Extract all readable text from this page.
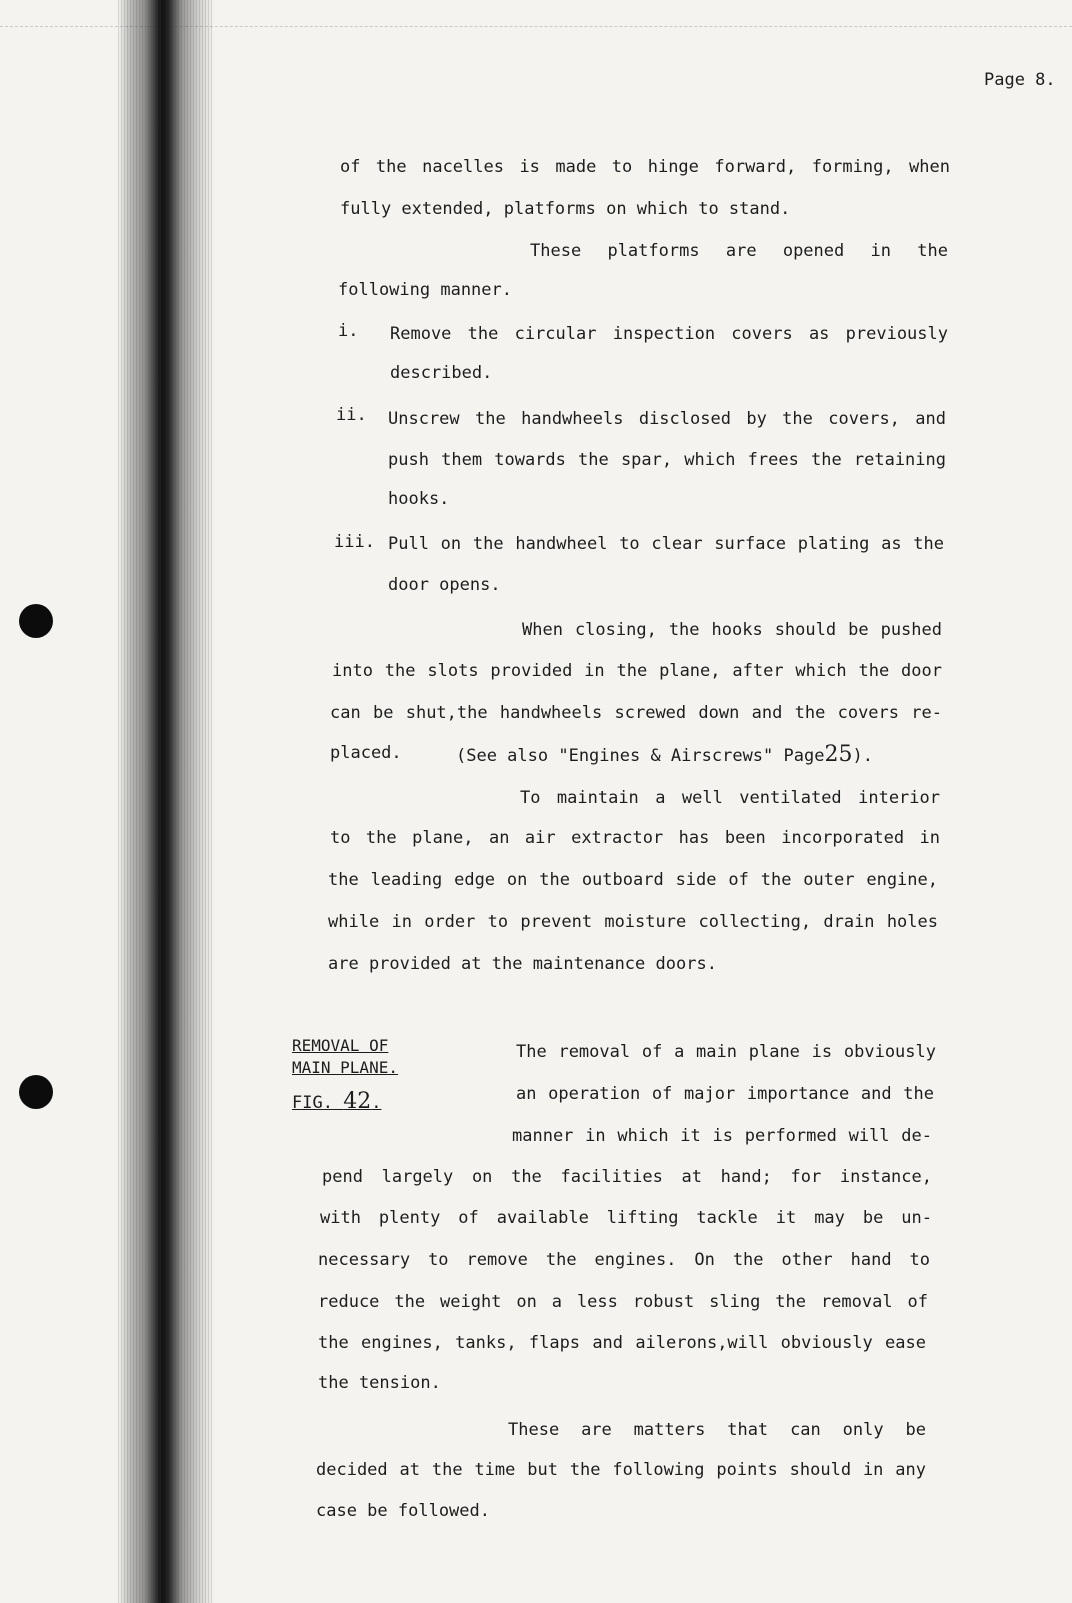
Page 8.
of the nacelles is made to hinge forward, forming, when
fully extended, platforms on which to stand.
These platforms are opened in the
following manner.
i. Remove the circular inspection covers as previously
described.
ii. Unscrew the handwheels disclosed by the covers, and
push them towards the spar, which frees the retaining
hooks.
iii. Pull on the handwheel to clear surface plating as the
door opens.
When closing, the hooks should be pushed
into the slots provided in the plane, after which the door
can be shut,the handwheels screwed down and the covers re-
placed.	(See also "Engines & Airscrews" Page25).
To maintain a well ventilated interior
to the plane, an air extractor has been incorporated in
the leading edge on the outboard side of the outer engine,
while in order to prevent moisture collecting, drain holes
are provided at the maintenance doors.
REMOVAL OF
MAIN PLANE.
FIG. 42.
The removal of a main plane is obviously
an operation of major importance and the
manner in which it is performed will de-
pend largely on the facilities at hand; for instance,
with plenty of available lifting tackle it may be un-
necessary to remove the engines. On the other hand to
reduce the weight on a less robust sling the removal of
the engines, tanks, flaps and ailerons,will obviously ease
the tension.
These are matters that can only be
decided at the time but the following points should in any
case be followed.
